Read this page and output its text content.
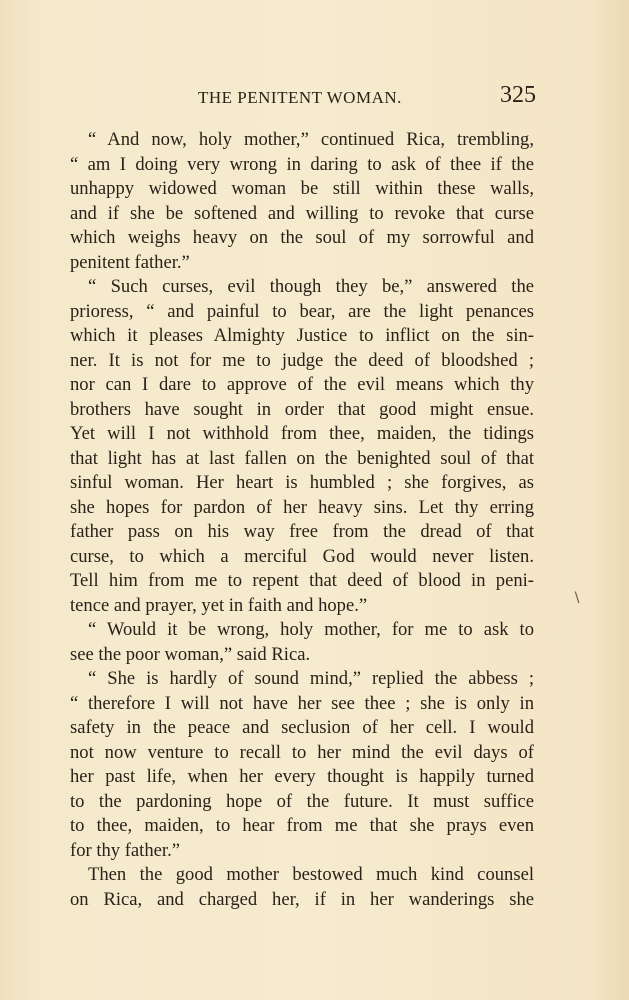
THE PENITENT WOMAN.	325
“ And now, holy mother,” continued Rica, trembling,
“ am I doing very wrong in daring to ask of thee if the
unhappy widowed woman be still within these walls,
and if she be softened and willing to revoke that curse
which weighs heavy on the soul of my sorrowful and
penitent father.”
“ Such curses, evil though they be,” answered the
prioress, “ and painful to bear, are the light penances
which it pleases Almighty Justice to inflict on the sin-
ner. It is not for me to judge the deed of bloodshed ;
nor can I dare to approve of the evil means which thy
brothers have sought in order that good might ensue.
Yet will I not withhold from thee, maiden, the tidings
that light has at last fallen on the benighted soul of that
sinful woman. Her heart is humbled ; she forgives, as
she hopes for pardon of her heavy sins. Let thy erring
father pass on his way free from the dread of that
curse, to which a merciful God would never listen.
Tell him from me to repent that deed of blood in peni-
tence and prayer, yet in faith and hope.”
“ Would it be wrong, holy mother, for me to ask to
see the poor woman,” said Rica.
“ She is hardly of sound mind,” replied the abbess ;
“ therefore I will not have her see thee ; she is only in
safety in the peace and seclusion of her cell. I would
not now venture to recall to her mind the evil days of
her past life, when her every thought is happily turned
to the pardoning hope of the future. It must suffice
to thee, maiden, to hear from me that she prays even
for thy father.”
Then the good mother bestowed much kind counsel
on Rica, and charged her, if in her wanderings she
∖
